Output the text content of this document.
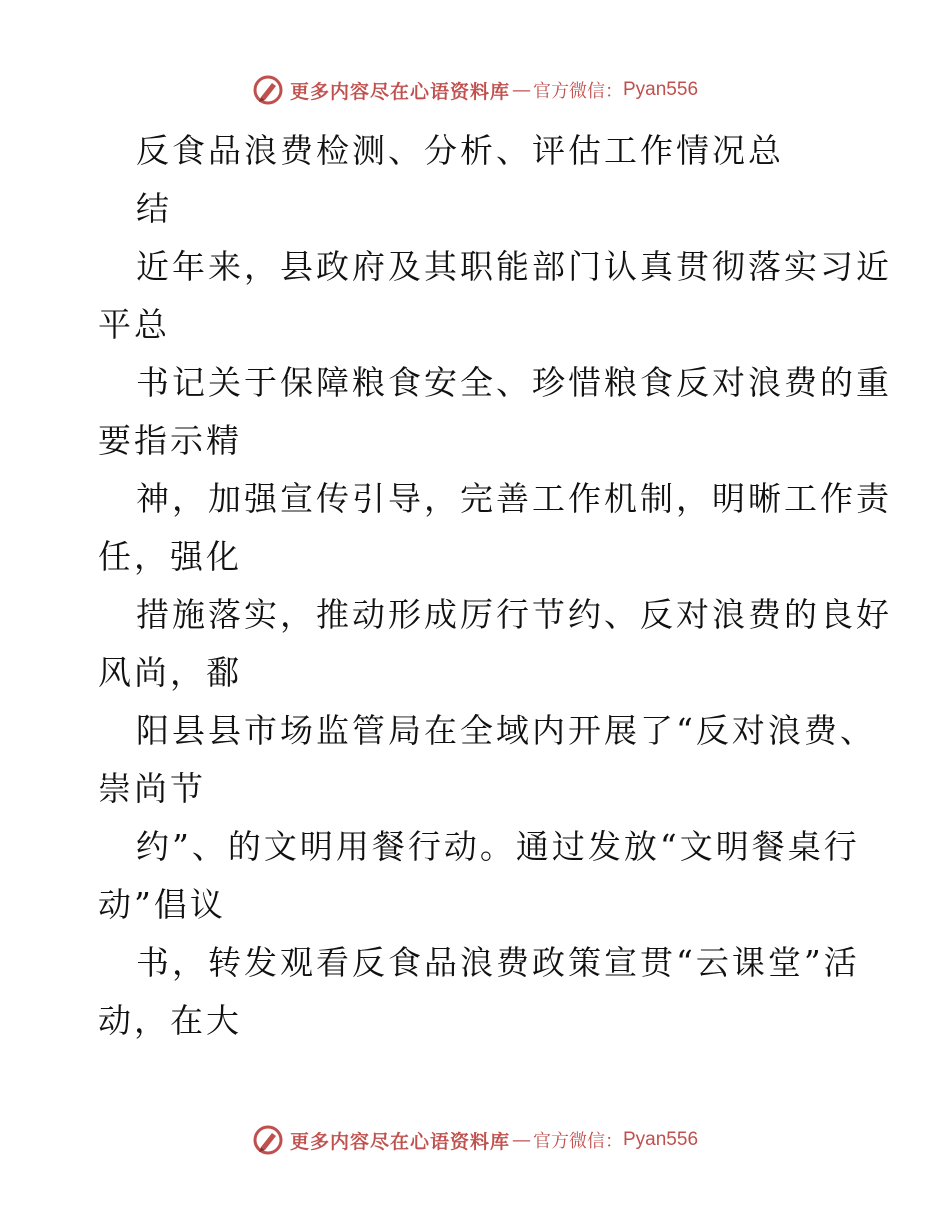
更多内容尽在心语资料库 — 官方微信： Pyan556
反食品浪费检测、分析、评估工作情况总
结
近年来，县政府及其职能部门认真贯彻落实习近
平总
书记关于保障粮食安全、珍惜粮食反对浪费的重
要指示精
神，加强宣传引导，完善工作机制，明晰工作责
任，强化
措施落实，推动形成厉行节约、反对浪费的良好
风尚，鄱
阳县县市场监管局在全域内开展了“反对浪费、
崇尚节
约”、的文明用餐行动。通过发放“文明餐桌行
动”倡议
书，转发观看反食品浪费政策宣贯“云课堂”活
动，在大
更多内容尽在心语资料库 — 官方微信： Pyan556
